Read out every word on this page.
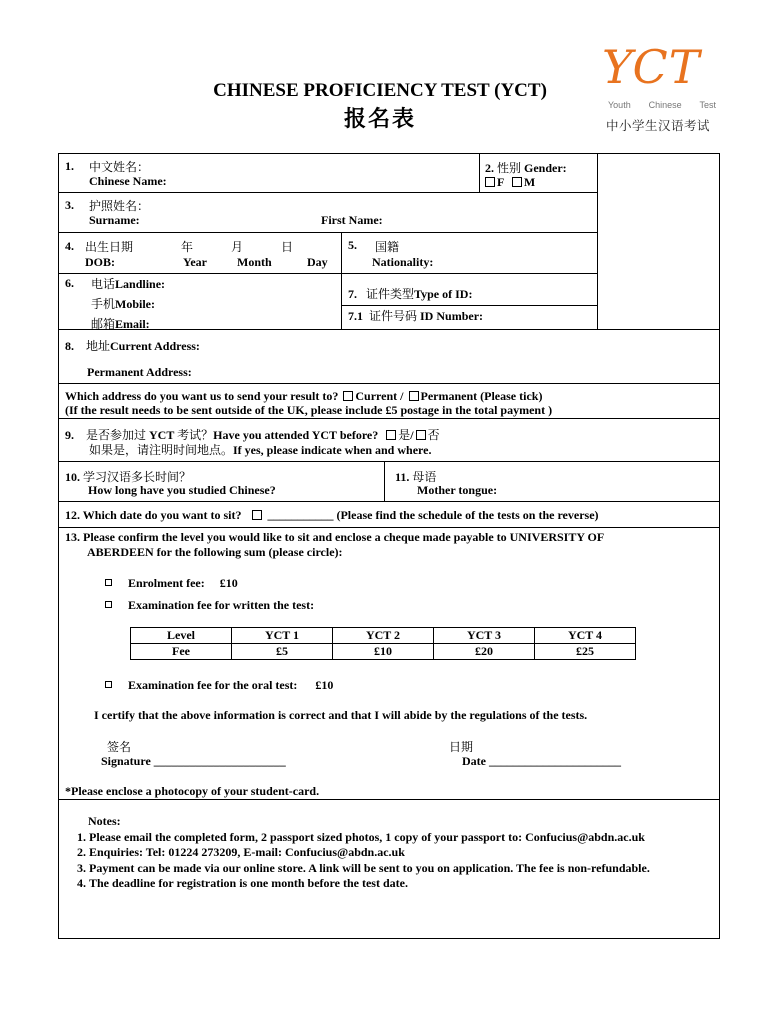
CHINESE PROFICIENCY TEST (YCT)
报名表
YCT
Youth Chinese Test
中小学生汉语考试
1. 中文姓名：
Chinese Name:
2. 性别 Gender:
F M
3. 护照姓名：
Surname:	First Name:
4. 出生日期	年	月	日
DOB:	Year	Month	Day
5. 国籍
Nationality:
6. 电话Landline:
手机Mobile:
邮箱Email:
7. 证件类型Type of ID:
7.1 证件号码 ID Number:
8. 地址Current Address:
Permanent Address:
Which address do you want us to send your result to? Current / Permanent (Please tick)
(If the result needs to be sent outside of the UK, please include £5 postage in the total payment )
9. 是否参加过 YCT 考试？Have you attended YCT before? 是/ 否
如果是，请注明时间地点。If yes, please indicate when and where.
10. 学习汉语多长时间？
How long have you studied Chinese?
11. 母语
Mother tongue:
12. Which date do you want to sit? ___________ (Please find the schedule of the tests on the reverse)
13. Please confirm the level you would like to sit and enclose a cheque made payable to UNIVERSITY OF
ABERDEEN for the following sum (please circle):
Enrolment fee: £10
Examination fee for written the test:
Examination fee for the oral test: £10
I certify that the above information is correct and that I will abide by the regulations of the tests.
签名
Signature ______________________
日期
Date ______________________
*Please enclose a photocopy of your student-card.
Level	YCT 1	YCT 2	YCT 3	YCT 4
Fee	£5	£10	£20	£25
Notes:
1. Please email the completed form, 2 passport sized photos, 1 copy of your passport to: Confucius@abdn.ac.uk
2. Enquiries: Tel: 01224 273209, E-mail: Confucius@abdn.ac.uk
3. Payment can be made via our online store. A link will be sent to you on application. The fee is non-refundable.
4. The deadline for registration is one month before the test date.
